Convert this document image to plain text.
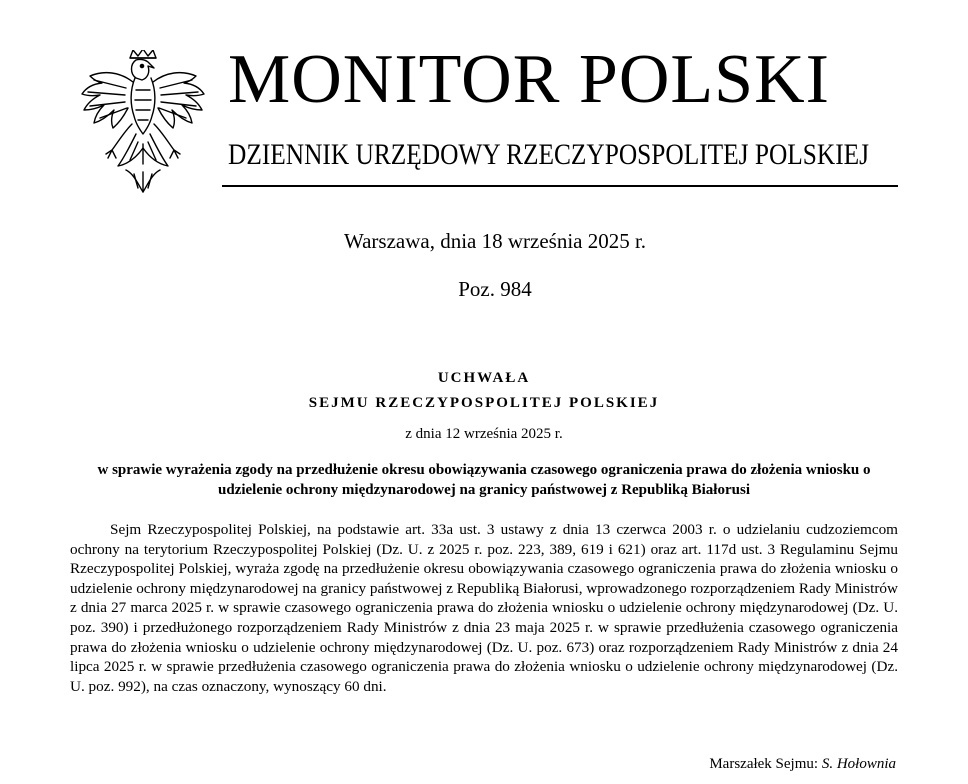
MONITOR POLSKI
DZIENNIK URZĘDOWY RZECZYPOSPOLITEJ POLSKIEJ
Warszawa, dnia 18 września 2025 r.
Poz. 984
UCHWAŁA
SEJMU RZECZYPOSPOLITEJ POLSKIEJ
z dnia 12 września 2025 r.
w sprawie wyrażenia zgody na przedłużenie okresu obowiązywania czasowego ograniczenia prawa do złożenia wniosku o udzielenie ochrony międzynarodowej na granicy państwowej z Republiką Białorusi

Sejm Rzeczypospolitej Polskiej, na podstawie art. 33a ust. 3 ustawy z dnia 13 czerwca 2003 r. o udzielaniu cudzoziemcom ochrony na terytorium Rzeczypospolitej Polskiej (Dz. U. z 2025 r. poz. 223, 389, 619 i 621) oraz art. 117d ust. 3 Regulaminu Sejmu Rzeczypospolitej Polskiej, wyraża zgodę na przedłużenie okresu obowiązywania czasowego ograniczenia prawa do złożenia wniosku o udzielenie ochrony międzynarodowej na granicy państwowej z Republiką Białorusi, wprowadzonego rozporządzeniem Rady Ministrów z dnia 27 marca 2025 r. w sprawie czasowego ograniczenia prawa do złożenia wniosku o udzielenie ochrony międzynarodowej (Dz. U. poz. 390) i przedłużonego rozporządzeniem Rady Ministrów z dnia 23 maja 2025 r. w sprawie przedłużenia czasowego ograniczenia prawa do złożenia wniosku o udzielenie ochrony międzynarodowej (Dz. U. poz. 673) oraz rozporządzeniem Rady Ministrów z dnia 24 lipca 2025 r. w sprawie przedłużenia czasowego ograniczenia prawa do złożenia wniosku o udzielenie ochrony międzynarodowej (Dz. U. poz. 992), na czas oznaczony, wynoszący 60 dni.

Marszałek Sejmu: S. Hołownia
